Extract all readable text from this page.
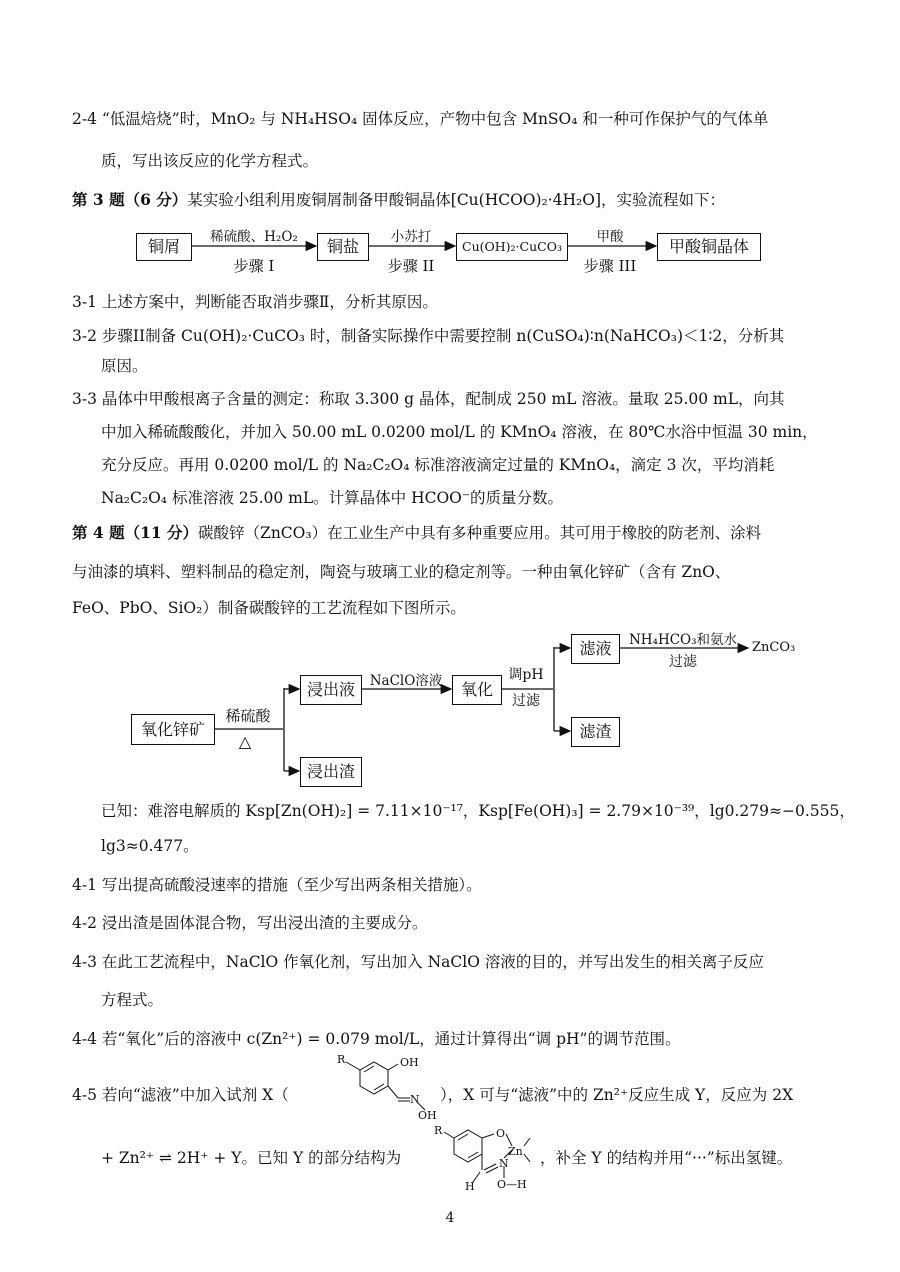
2-4 “低温焙烧”时，MnO₂ 与 NH₄HSO₄ 固体反应，产物中包含 MnSO₄ 和一种可作保护气的气体单
质，写出该反应的化学方程式。
第 3 题（6 分）某实验小组利用废铜屑制备甲酸铜晶体[Cu(HCOO)₂·4H₂O]，实验流程如下：
铜屑	铜盐	Cu(OH)₂·CuCO₃	甲酸铜晶体
稀硫酸、H₂O₂
步骤 I
小苏打
步骤 II
甲酸
步骤 III
3-1 上述方案中，判断能否取消步骤Ⅱ，分析其原因。
3-2 步骤II制备 Cu(OH)₂·CuCO₃ 时，制备实际操作中需要控制 n(CuSO₄)∶n(NaHCO₃)＜1∶2，分析其
原因。
3-3 晶体中甲酸根离子含量的测定：称取 3.300 g 晶体，配制成 250 mL 溶液。量取 25.00 mL，向其
中加入稀硫酸酸化，并加入 50.00 mL 0.0200 mol/L 的 KMnO₄ 溶液，在 80℃水浴中恒温 30 min，
充分反应。再用 0.0200 mol/L 的 Na₂C₂O₄ 标准溶液滴定过量的 KMnO₄，滴定 3 次，平均消耗
Na₂C₂O₄ 标准溶液 25.00 mL。计算晶体中 HCOO⁻的质量分数。
第 4 题（11 分）碳酸锌（ZnCO₃）在工业生产中具有多种重要应用。其可用于橡胶的防老剂、涂料
与油漆的填料、塑料制品的稳定剂，陶瓷与玻璃工业的稳定剂等。一种由氧化锌矿（含有 ZnO、
FeO、PbO、SiO₂）制备碳酸锌的工艺流程如下图所示。
氧化锌矿
浸出液
浸出渣
氧化
滤液
滤渣
稀硫酸
△
NaClO溶液	调pH
过滤
NH₄HCO₃和氨水
过滤
ZnCO₃
已知：难溶电解质的 Ksp[Zn(OH)₂] = 7.11×10⁻¹⁷，Ksp[Fe(OH)₃] = 2.79×10⁻³⁹，lg0.279≈−0.555，
lg3≈0.477。
4-1 写出提高硫酸浸速率的措施（至少写出两条相关措施）。
4-2 浸出渣是固体混合物，写出浸出渣的主要成分。
4-3 在此工艺流程中，NaClO 作氧化剂，写出加入 NaClO 溶液的目的，并写出发生的相关离子反应
方程式。
4-4 若“氧化”后的溶液中 c(Zn²⁺) = 0.079 mol/L，通过计算得出“调 pH”的调节范围。
4-5 若向“滤液”中加入试剂 X（	），X 可与“滤液”中的 Zn²⁺反应生成 Y，反应为 2X
+ Zn²⁺ ⇌ 2H⁺ + Y。已知 Y 的部分结构为	，补全 Y 的结构并用“···”标出氢键。
R	OH
N
OH
R	O
Zn
N
H O—H
4
